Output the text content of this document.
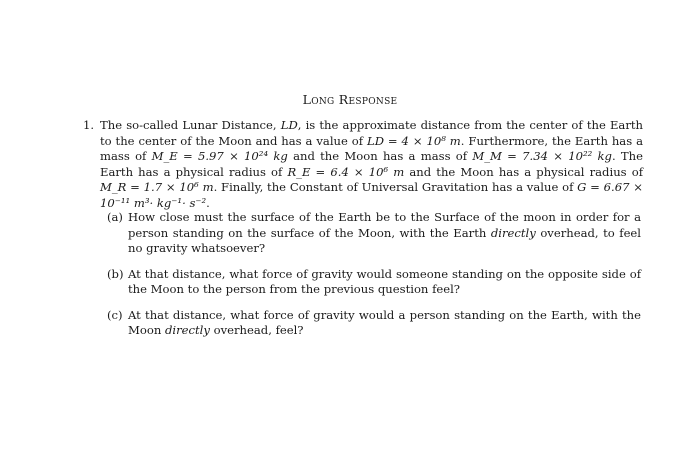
Long Response
1. The so-called Lunar Distance, LD, is the approximate distance from the center of the Earth to the center of the Moon and has a value of LD = 4 × 10⁸ m. Furthermore, the Earth has a mass of M_E = 5.97 × 10²⁴ kg and the Moon has a mass of M_M = 7.34 × 10²² kg. The Earth has a physical radius of R_E = 6.4 × 10⁶ m and the Moon has a physical radius of M_R = 1.7 × 10⁶ m. Finally, the Constant of Universal Gravitation has a value of G = 6.67 × 10⁻¹¹ m³· kg⁻¹· s⁻².
(a) How close must the surface of the Earth be to the Surface of the moon in order for a person standing on the surface of the Moon, with the Earth directly overhead, to feel no gravity whatsoever?
(b) At that distance, what force of gravity would someone standing on the opposite side of the Moon to the person from the previous question feel?
(c) At that distance, what force of gravity would a person standing on the Earth, with the Moon directly overhead, feel?
